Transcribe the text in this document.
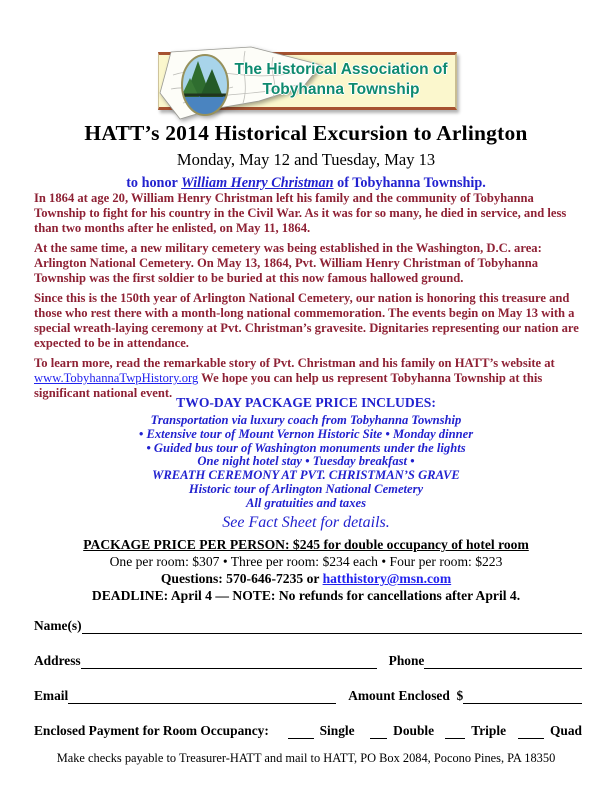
The Historical Association of
Tobyhanna Township
HATT’s 2014 Historical Excursion to Arlington
Monday, May 12 and Tuesday, May 13
to honor William Henry Christman of Tobyhanna Township.

In 1864 at age 20, William Henry Christman left his family and the community of Tobyhanna Township to fight for his country in the Civil War. As it was for so many, he died in service, and less than two months after he enlisted, on May 11, 1864.

At the same time, a new military cemetery was being established in the Washington, D.C. area: Arlington National Cemetery. On May 13, 1864, Pvt. William Henry Christman of Tobyhanna Township was the first soldier to be buried at this now famous hallowed ground.

Since this is the 150th year of Arlington National Cemetery, our nation is honoring this treasure and those who rest there with a month-long national commemoration. The events begin on May 13 with a special wreath-laying ceremony at Pvt. Christman’s gravesite. Dignitaries representing our nation are expected to be in attendance.

To learn more, read the remarkable story of Pvt. Christman and his family on HATT’s website at www.TobyhannaTwpHistory.org We hope you can help us represent Tobyhanna Township at this significant national event.

TWO-DAY PACKAGE PRICE INCLUDES:
Transportation via luxury coach from Tobyhanna Township
• Extensive tour of Mount Vernon Historic Site • Monday dinner
• Guided bus tour of Washington monuments under the lights
One night hotel stay • Tuesday breakfast •
WREATH CEREMONY AT PVT. CHRISTMAN’S GRAVE
Historic tour of Arlington National Cemetery
All gratuities and taxes
See Fact Sheet for details.
PACKAGE PRICE PER PERSON: $245 for double occupancy of hotel room
One per room: $307 • Three per room: $234 each • Four per room: $223
Questions: 570-646-7235 or hatthistory@msn.com
DEADLINE: April 4 — NOTE: No refunds for cancellations after April 4.
Name(s)
Address	Phone
Email	Amount Enclosed  $
Enclosed Payment for Room Occupancy:	Single	Double	Triple	Quad
Make checks payable to Treasurer-HATT and mail to HATT, PO Box 2084, Pocono Pines, PA 18350
